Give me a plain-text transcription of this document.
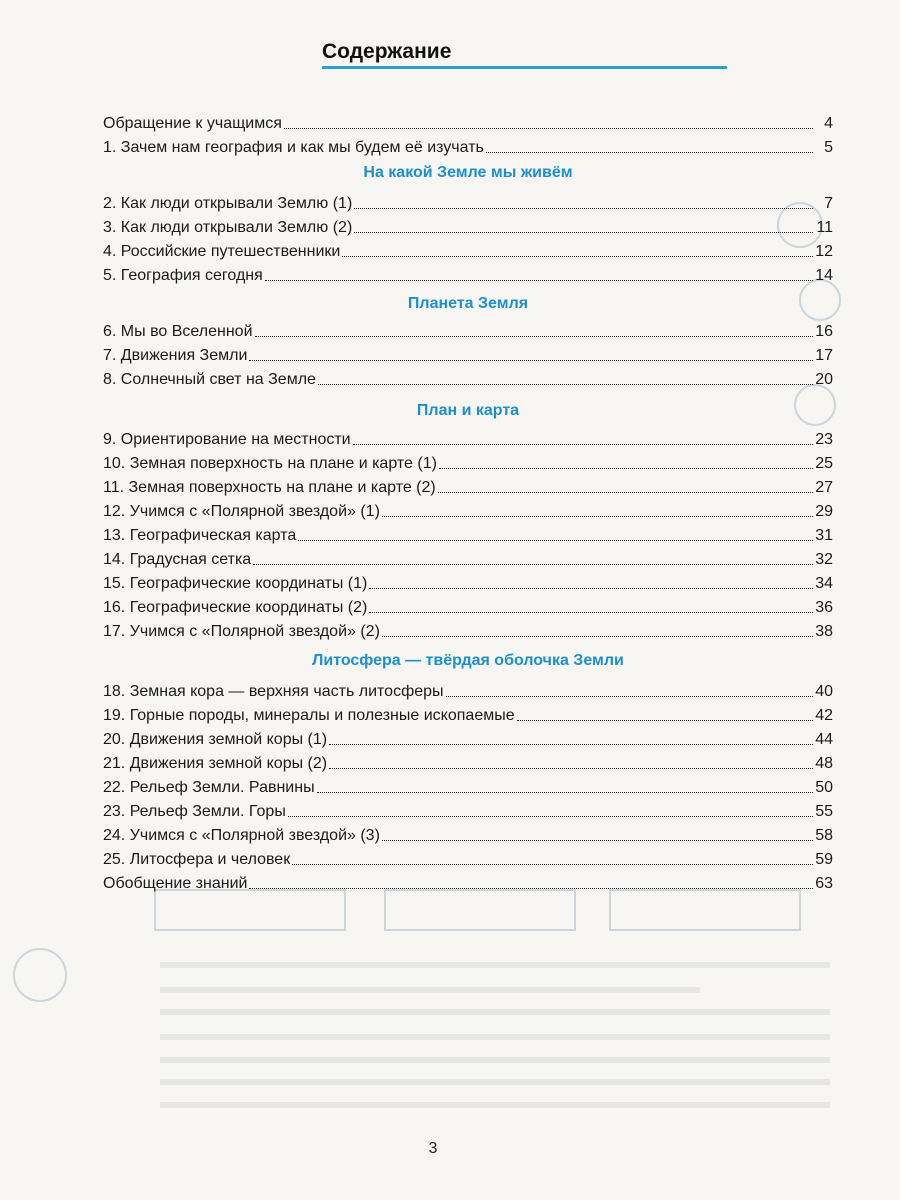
Содержание
Обращение к учащимся	4
1. Зачем нам география и как мы будем её изучать	5
На какой Земле мы живём
2. Как люди открывали Землю (1)	7
3. Как люди открывали Землю (2)	11
4. Российские путешественники	12
5. География сегодня	14
Планета Земля
6. Мы во Вселенной	16
7. Движения Земли	17
8. Солнечный свет на Земле	20
План и карта
9. Ориентирование на местности	23
10. Земная поверхность на плане и карте (1)	25
11. Земная поверхность на плане и карте (2)	27
12. Учимся с «Полярной звездой» (1)	29
13. Географическая карта	31
14. Градусная сетка	32
15. Географические координаты (1)	34
16. Географические координаты (2)	36
17. Учимся с «Полярной звездой» (2)	38
Литосфера — твёрдая оболочка Земли
18. Земная кора — верхняя часть литосферы	40
19. Горные породы, минералы и полезные ископаемые	42
20. Движения земной коры (1)	44
21. Движения земной коры (2)	48
22. Рельеф Земли. Равнины	50
23. Рельеф Земли. Горы	55
24. Учимся с «Полярной звездой» (3)	58
25. Литосфера и человек	59
Обобщение знаний	63
3
